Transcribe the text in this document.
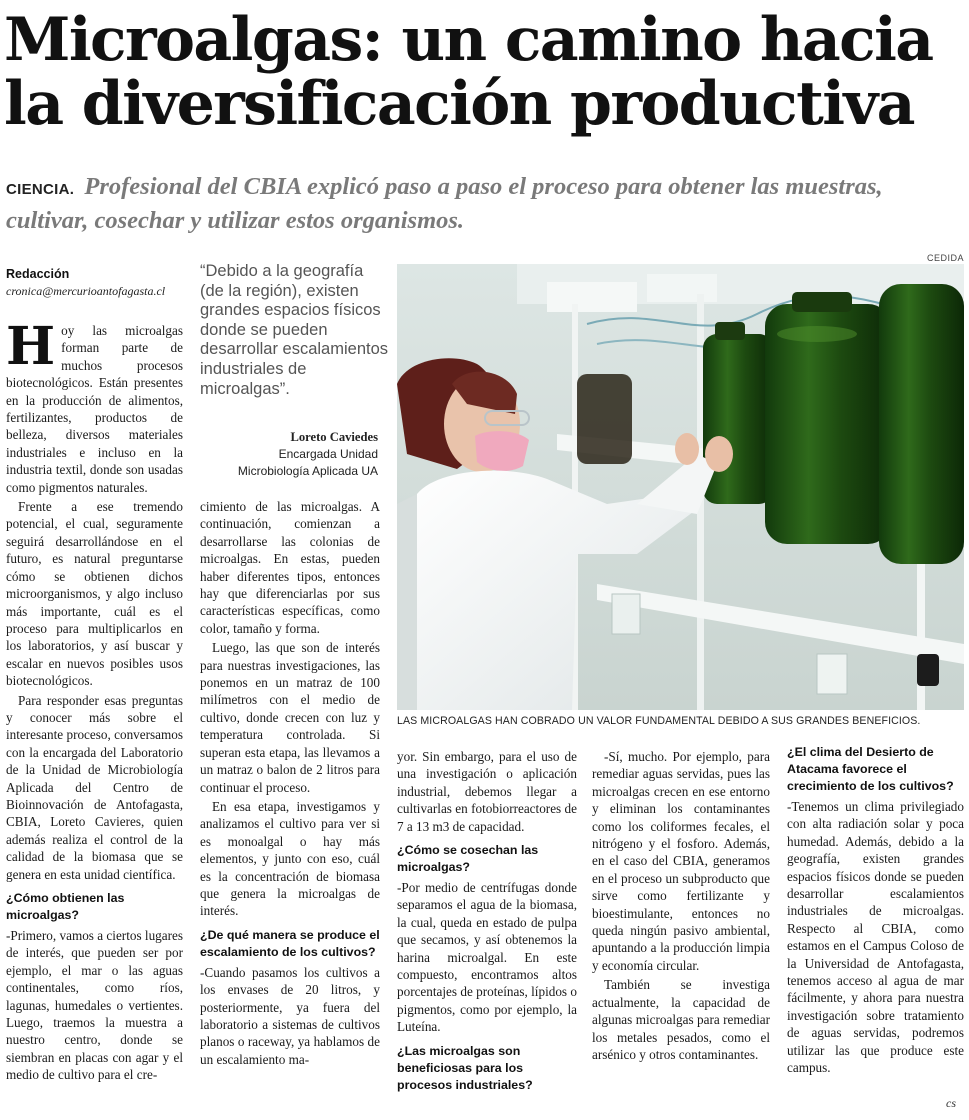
Microalgas: un camino hacia
la diversificación productiva
CIENCIA. Profesional del CBIA explicó paso a paso el proceso para obtener las muestras, cultivar, cosechar y utilizar estos organismos.
Redacción
cronica@mercurioantofagasta.cl

Hoy las microalgas forman parte de muchos procesos biotecnológicos. Están presentes en la producción de alimentos, fertilizantes, productos de belleza, diversos materiales industriales e incluso en la industria textil, donde son usadas como pigmentos naturales.

Frente a ese tremendo potencial, el cual, seguramente seguirá desarrollándose en el futuro, es natural preguntarse cómo se obtienen dichos microorganismos, y algo incluso más importante, cuál es el proceso para multiplicarlos en los laboratorios, y así buscar y escalar en nuevos posibles usos biotecnológicos.

Para responder esas preguntas y conocer más sobre el interesante proceso, conversamos con la encargada del Laboratorio de la Unidad de Microbiología Aplicada del Centro de Bioinnovación de Antofagasta, CBIA, Loreto Cavieres, quien además realiza el control de la calidad de la biomasa que se genera en esta unidad científica.

¿Cómo obtienen las microalgas?

-Primero, vamos a ciertos lugares de interés, que pueden ser por ejemplo, el mar o las aguas continentales, como ríos, lagunas, humedales o vertientes. Luego, traemos la muestra a nuestro centro, donde se siembran en placas con agar y el medio de cultivo para el cre-

“Debido a la geografía (de la región), existen grandes espacios físicos donde se pueden desarrollar escalamientos industriales de microalgas”.
Loreto Caviedes
Encargada Unidad
Microbiología Aplicada UA

cimiento de las microalgas. A continuación, comienzan a desarrollarse las colonias de microalgas. En estas, pueden haber diferentes tipos, entonces hay que diferenciarlas por sus características específicas, como color, tamaño y forma.

Luego, las que son de interés para nuestras investigaciones, las ponemos en un matraz de 100 milímetros con el medio de cultivo, donde crecen con luz y temperatura controlada. Si superan esta etapa, las llevamos a un matraz o balon de 2 litros para continuar el proceso.

En esa etapa, investigamos y analizamos el cultivo para ver si es monoalgal o hay más elementos, y junto con eso, cuál es la concentración de biomasa que genera la microalgas de interés.

¿De qué manera se produce el escalamiento de los cultivos?

-Cuando pasamos los cultivos a los envases de 20 litros, y posteriormente, ya fuera del laboratorio a sistemas de cultivos planos o raceway, ya hablamos de un escalamiento ma-

CEDIDA
LAS MICROALGAS HAN COBRADO UN VALOR FUNDAMENTAL DEBIDO A SUS GRANDES BENEFICIOS.

yor. Sin embargo, para el uso de una investigación o aplicación industrial, debemos llegar a cultivarlas en fotobiorreactores de 7 a 13 m3 de capacidad.

¿Cómo se cosechan las microalgas?

-Por medio de centrífugas donde separamos el agua de la biomasa, la cual, queda en estado de pulpa que secamos, y así obtenemos la harina microalgal. En este compuesto, encontramos altos porcentajes de proteínas, lípidos o pigmentos, como por ejemplo, la Luteína.

¿Las microalgas son beneficiosas para los procesos industriales?

-Sí, mucho. Por ejemplo, para remediar aguas servidas, pues las microalgas crecen en ese entorno y eliminan los contaminantes como los coliformes fecales, el nitrógeno y el fosforo. Además, en el caso del CBIA, generamos en el proceso un subproducto que sirve como fertilizante y bioestimulante, entonces no queda ningún pasivo ambiental, apuntando a la producción limpia y economía circular.

También se investiga actualmente, la capacidad de algunas microalgas para remediar los metales pesados, como el arsénico y otros contaminantes.

¿El clima del Desierto de Atacama favorece el crecimiento de los cultivos?

-Tenemos un clima privilegiado con alta radiación solar y poca humedad. Además, debido a la geografía, existen grandes espacios físicos donde se pueden desarrollar escalamientos industriales de microalgas. Respecto al CBIA, como estamos en el Campus Coloso de la Universidad de Antofagasta, tenemos acceso al agua de mar fácilmente, y ahora para nuestra investigación sobre tratamiento de aguas servidas, podremos utilizar las que produce este campus.

cs
